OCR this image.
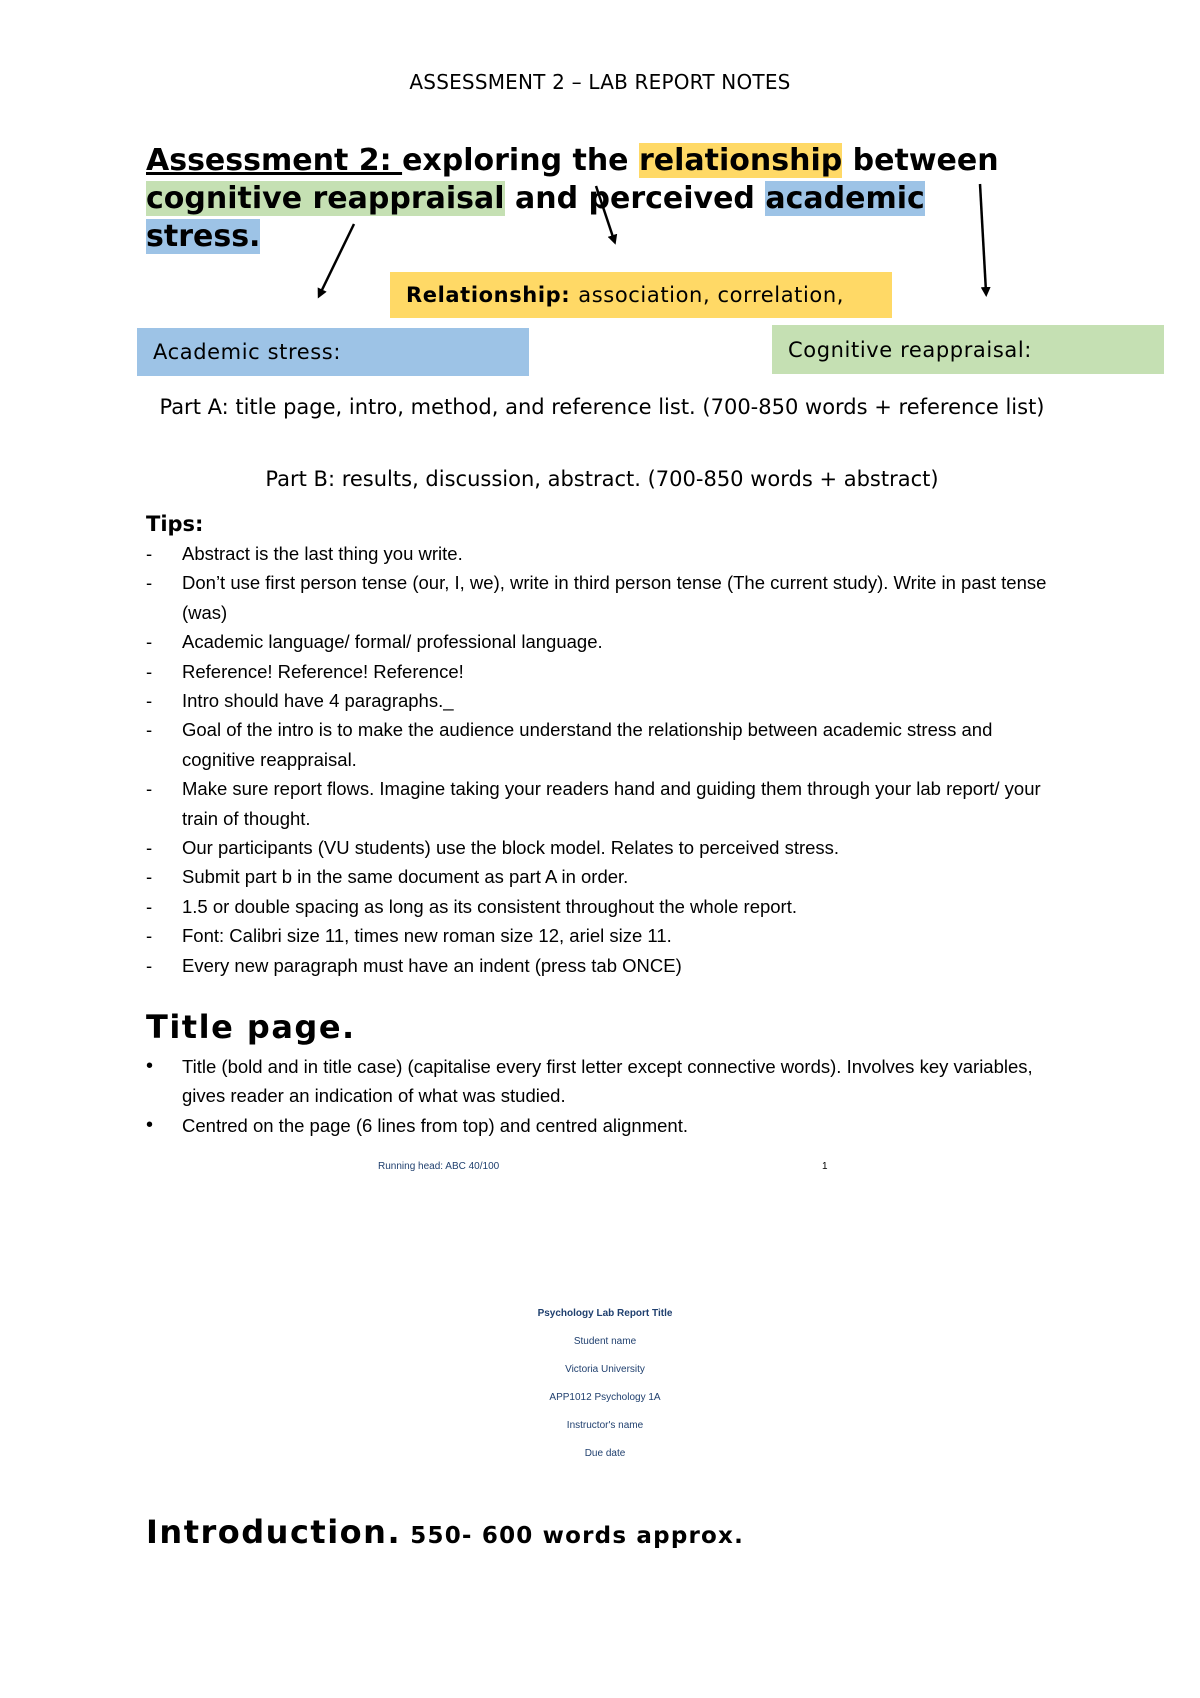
ASSESSMENT 2 – LAB REPORT NOTES
Assessment 2: exploring the relationship between cognitive reappraisal and perceived academic
stress.
Relationship: association, correlation,
Academic stress:	Cognitive reappraisal:
Part A: title page, intro, method, and reference list. (700-850 words + reference list)
Part B: results, discussion, abstract. (700-850 words + abstract)
Tips:
- Abstract is the last thing you write.
- Don’t use first person tense (our, I, we), write in third person tense (The current study). Write in past tense (was)
- Academic language/ formal/ professional language.
- Reference! Reference! Reference!
- Intro should have 4 paragraphs._
- Goal of the intro is to make the audience understand the relationship between academic stress and cognitive reappraisal.
- Make sure report flows. Imagine taking your readers hand and guiding them through your lab report/ your train of thought.
- Our participants (VU students) use the block model. Relates to perceived stress.
- Submit part b in the same document as part A in order.
- 1.5 or double spacing as long as its consistent throughout the whole report.
- Font: Calibri size 11, times new roman size 12, ariel size 11.
- Every new paragraph must have an indent (press tab ONCE)
Title page.
• Title (bold and in title case) (capitalise every first letter except connective words). Involves key variables, gives reader an indication of what was studied.
• Centred on the page (6 lines from top) and centred alignment.
Running head: ABC 40/100	1
Psychology Lab Report Title
Student name
Victoria University
APP1012 Psychology 1A
Instructor's name
Due date
Introduction. 550- 600 words approx.
